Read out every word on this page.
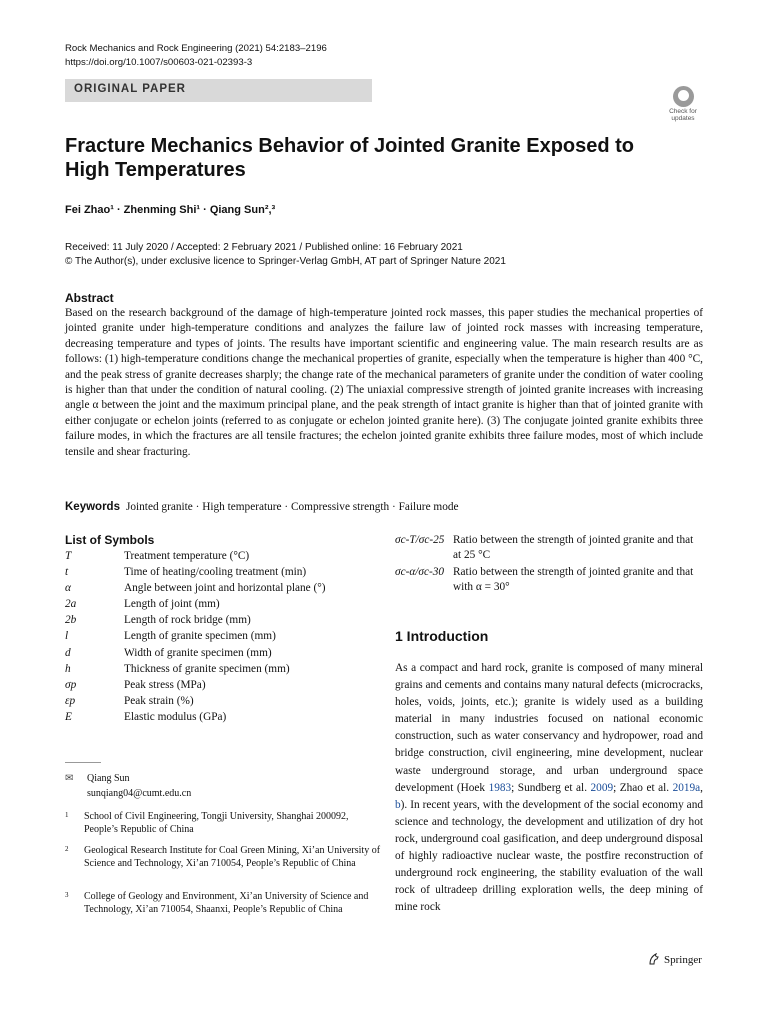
Rock Mechanics and Rock Engineering (2021) 54:2183–2196
https://doi.org/10.1007/s00603-021-02393-3
ORIGINAL PAPER
Check for
updates
Fracture Mechanics Behavior of Jointed Granite Exposed to High Temperatures
Fei Zhao¹ · Zhenming Shi¹ · Qiang Sun²,³
Received: 11 July 2020 / Accepted: 2 February 2021 / Published online: 16 February 2021
© The Author(s), under exclusive licence to Springer-Verlag GmbH, AT part of Springer Nature 2021
Abstract
Based on the research background of the damage of high-temperature jointed rock masses, this paper studies the mechanical properties of jointed granite under high-temperature conditions and analyzes the failure law of jointed rock masses with increasing temperature, decreasing temperature and types of joints. The results have important scientific and engineering value. The main research results are as follows: (1) high-temperature conditions change the mechanical properties of granite, especially when the temperature is higher than 400 °C, and the peak stress of granite decreases sharply; the change rate of the mechanical parameters of granite under the condition of water cooling is higher than that under the condition of natural cooling. (2) The uniaxial compressive strength of jointed granite increases with increasing angle α between the joint and the maximum principal plane, and the peak strength of intact granite is higher than that of jointed granite with either conjugate or echelon joints (referred to as conjugate or echelon jointed granite here). (3) The conjugate jointed granite exhibits three failure modes, in which the fractures are all tensile fractures; the echelon jointed granite exhibits three failure modes, most of which include tensile and shear fracturing.
Keywords Jointed granite · High temperature · Compressive strength · Failure mode
List of Symbols
T	Treatment temperature (°C)
t	Time of heating/cooling treatment (min)
α	Angle between joint and horizontal plane (°)
2a	Length of joint (mm)
2b	Length of rock bridge (mm)
l	Length of granite specimen (mm)
d	Width of granite specimen (mm)
h	Thickness of granite specimen (mm)
σp	Peak stress (MPa)
εp	Peak strain (%)
E	Elastic modulus (GPa)
σc-T/σc-25 Ratio between the strength of jointed granite and that at 25 °C
σc-α/σc-30 Ratio between the strength of jointed granite and that with α = 30°
1 Introduction
As a compact and hard rock, granite is composed of many mineral grains and cements and contains many natural defects (microcracks, holes, voids, joints, etc.); granite is widely used as a building material in many industries focused on national economic construction, such as water conservancy and hydropower, road and bridge construction, civil engineering, mine development, nuclear waste underground storage, and urban underground space development (Hoek 1983; Sundberg et al. 2009; Zhao et al. 2019a, b). In recent years, with the development of the social economy and science and technology, the development and utilization of dry hot rock, underground coal gasification, and deep underground disposal of highly radioactive nuclear waste, the postfire reconstruction of underground rock engineering, the stability evaluation of the wall rock of ultradeep drilling exploration wells, the deep mining of mine rock
✉ Qiang Sun
sunqiang04@cumt.edu.cn
1 School of Civil Engineering, Tongji University, Shanghai 200092, People’s Republic of China
2 Geological Research Institute for Coal Green Mining, Xi’an University of Science and Technology, Xi’an 710054, People’s Republic of China
3 College of Geology and Environment, Xi’an University of Science and Technology, Xi’an 710054, Shaanxi, People’s Republic of China
Springer
